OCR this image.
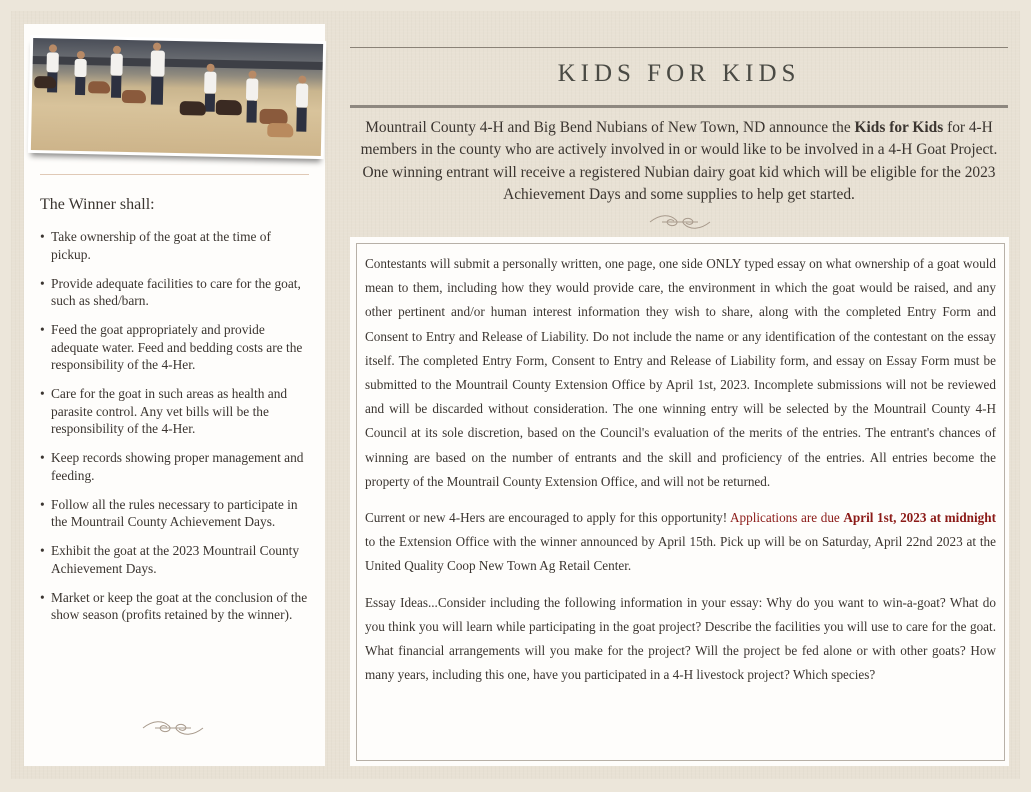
The Winner shall:
• Take ownership of the goat at the time of pickup.
• Provide adequate facilities to care for the goat, such as shed/barn.
• Feed the goat appropriately and provide adequate water. Feed and bedding costs are the responsibility of the 4-Her.
• Care for the goat in such areas as health and parasite control. Any vet bills will be the responsibility of the 4-Her.
• Keep records showing proper management and feeding.
• Follow all the rules necessary to participate in the Mountrail County Achievement Days.
• Exhibit the goat at the 2023 Mountrail County Achievement Days.
• Market or keep the goat at the conclusion of the show season (profits retained by the winner).
KIDS FOR KIDS
Mountrail County 4-H and Big Bend Nubians of New Town, ND announce the Kids for Kids for 4-H members in the county who are actively involved in or would like to be involved in a 4-H Goat Project. One winning entrant will receive a registered Nubian dairy goat kid which will be eligible for the 2023 Achievement Days and some supplies to help get started.

Contestants will submit a personally written, one page, one side ONLY typed essay on what ownership of a goat would mean to them, including how they would provide care, the environment in which the goat would be raised, and any other pertinent and/or human interest information they wish to share, along with the completed Entry Form and Consent to Entry and Release of Liability. Do not include the name or any identification of the contestant on the essay itself. The completed Entry Form, Consent to Entry and Release of Liability form, and essay on Essay Form must be submitted to the Mountrail County Extension Office by April 1st, 2023. Incomplete submissions will not be reviewed and will be discarded without consideration. The one winning entry will be selected by the Mountrail County 4-H Council at its sole discretion, based on the Council's evaluation of the merits of the entries. The entrant's chances of winning are based on the number of entrants and the skill and proficiency of the entries. All entries become the property of the Mountrail County Extension Office, and will not be returned.

Current or new 4-Hers are encouraged to apply for this opportunity! Applications are due April 1st, 2023 at midnight to the Extension Office with the winner announced by April 15th. Pick up will be on Saturday, April 22nd 2023 at the United Quality Coop New Town Ag Retail Center.

Essay Ideas...Consider including the following information in your essay: Why do you want to win-a-goat? What do you think you will learn while participating in the goat project? Describe the facilities you will use to care for the goat. What financial arrangements will you make for the project? Will the project be fed alone or with other goats? How many years, including this one, have you participated in a 4-H livestock project? Which species?
